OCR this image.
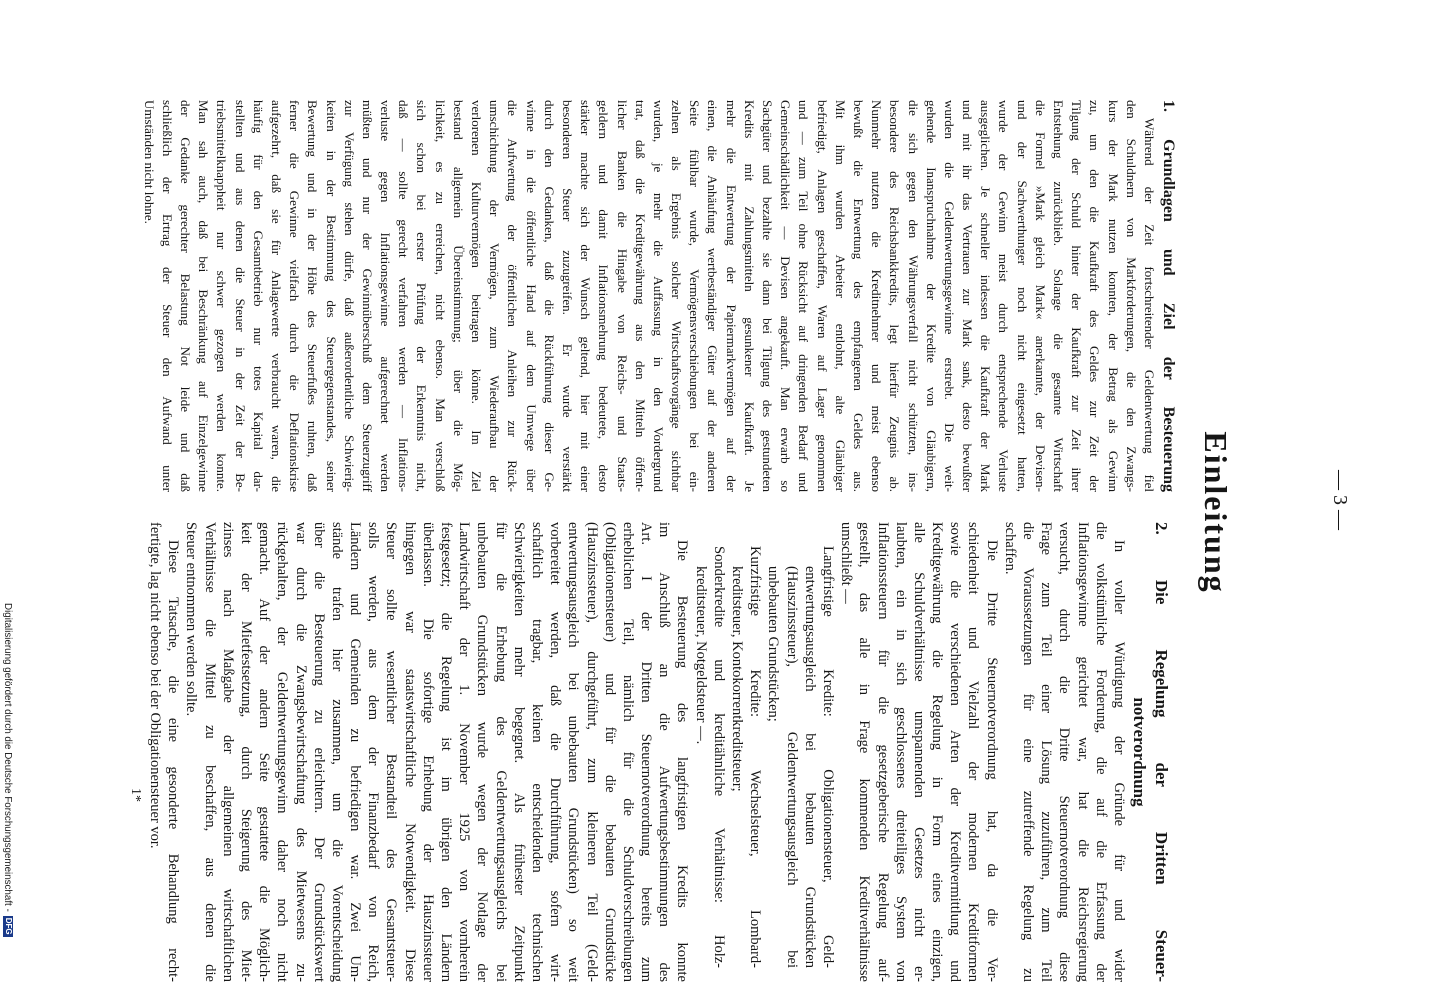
— 3 —
Einleitung
1. Grundlagen und Ziel der Besteuerung
Während der Zeit fortschreitender Geldentwertung fiel
den Schuldnern von Markforderungen, die den Zwangs-
kurs der Mark nutzen konnten, der Betrag als Gewinn
zu, um den die Kaufkraft des Geldes zur Zeit der
Tilgung der Schuld hinter der Kaufkraft zur Zeit ihrer
Entstehung zurückblieb. Solange die gesamte Wirtschaft
die Formel »Mark gleich Mark« anerkannte, der Devisen-
und der Sachwerthunger noch nicht eingesetzt hatten,
wurde der Gewinn meist durch entsprechende Verluste
ausgeglichen. Je schneller indessen die Kaufkraft der Mark
und mit ihr das Vertrauen zur Mark sank, desto bewußter
wurden die Geldentwertungsgewinne erstrebt. Die weit-
gehende Inanspruchnahme der Kredite von Gläubigern,
die sich gegen den Währungsverfall nicht schützten, ins-
besondere des Reichsbankkredits, legt hierfür Zeugnis ab.
Nunmehr nutzten die Kreditnehmer und meist ebenso
bewußt die Entwertung des empfangenen Geldes aus.
Mit ihm wurden Arbeiter entlohnt, alte Gläubiger
befriedigt, Anlagen geschaffen, Waren auf Lager genommen
und — zum Teil ohne Rücksicht auf dringenden Bedarf und
Gemeinschädlichkeit — Devisen angekauft. Man erwarb so
Sachgüter und bezahlte sie dann bei Tilgung des gestundeten
Kredits mit Zahlungsmitteln gesunkener Kaufkraft. Je
mehr die Entwertung der Papiermarkvermögen auf der
einen, die Anhäufung wertbeständiger Güter auf der anderen
Seite fühlbar wurde, Vermögensverschiebungen bei ein-
zelnen als Ergebnis solcher Wirtschaftsvorgänge sichtbar
wurden, je mehr die Auffassung in den Vordergrund
trat, daß die Kreditgewährung aus den Mitteln öffent-
licher Banken die Hingabe von Reichs- und Staats-
geldern und damit Inflationsmehrung bedeutete, desto
stärker machte sich der Wunsch geltend, hier mit einer
besonderen Steuer zuzugreifen. Er wurde verstärkt
durch den Gedanken, daß die Rückführung dieser Ge-
winne in die öffentliche Hand auf dem Umwege über
die Aufwertung der öffentlichen Anleihen zur Rück-
umschichtung der Vermögen, zum Wiederaufbau der
verlorenen Kulturvermögen beitragen könne. Im Ziel
bestand allgemein Übereinstimmung; über die Mög-
lichkeit, es zu erreichen, nicht ebenso. Man verschloß
sich schon bei erster Prüfung der Erkenntnis nicht,
daß — sollte gerecht verfahren werden — Inflations-
verluste gegen Inflationsgewinne aufgerechnet werden
müßten und nur der Gewinnüberschuß dem Steuerzugriff
zur Verfügung stehen dürfe, daß außerordentliche Schwierig-
keiten in der Bestimmung des Steuergegenstandes, seiner
Bewertung und in der Höhe des Steuerfußes ruhten, daß
ferner die Gewinne vielfach durch die Deflationskrise
aufgezehrt, daß sie für Anlagewerte verbraucht waren, die
häufig für den Gesamtbetrieb nur totes Kapital dar-
stellten und aus denen die Steuer in der Zeit der Be-
triebsmittelknappheit nur schwer gezogen werden konnte.
Man sah auch, daß bei Beschränkung auf Einzelgewinne
der Gedanke gerechter Belastung Not leide und daß
schließlich der Ertrag der Steuer den Aufwand unter
Umständen nicht lohne.
2. Die Regelung der Dritten Steuer-
notverordnung
In voller Würdigung der Gründe für und wider
die volkstümliche Forderung, die auf die Erfassung der
Inflationsgewinne gerichtet war, hat die Reichsregierung
versucht, durch die Dritte Steuernotverordnung diese
Frage zum Teil einer Lösung zuzuführen, zum Teil
die Voraussetzungen für eine zutreffende Regelung zu
schaffen.
Die Dritte Steuernotverordnung hat, da die Ver-
schiedenheit und Vielzahl der modernen Kreditformen
sowie die verschiedenen Arten der Kreditvermittlung und
Kreditgewährung die Regelung in Form eines einzigen,
alle Schuldverhältnisse umspannenden Gesetzes nicht er-
laubten, ein in sich geschlossenes dreiteiliges System von
Inflationssteuern für die gesetzgeberische Regelung auf-
gestellt, das alle in Frage kommenden Kreditverhältnisse
umschließt —
Langfristige Kredite: Obligationensteuer, Geld-
entwertungsausgleich bei bebauten Grundstücken
(Hauszinssteuer), Geldentwertungsausgleich bei
unbebauten Grundstücken;
Kurzfristige Kredite: Wechselsteuer, Lombard-
kreditsteuer, Kontokorrentkreditsteuer;
Sonderkredite und kreditähnliche Verhältnisse: Holz-
kreditsteuer, Notgeldsteuer —.
Die Besteuerung des langfristigen Kredits konnte
im Anschluß an die Aufwertungsbestimmungen des
Art. I der Dritten Steuernotverordnung bereits zum
erheblichen Teil, nämlich für die Schuldverschreibungen
(Obligationensteuer) und für die bebauten Grundstücke
(Hauszinssteuer), durchgeführt, zum kleineren Teil (Geld-
entwertungsausgleich bei unbebauten Grundstücken) so weit
vorbereitet werden, daß die Durchführung, sofern wirt-
schaftlich tragbar, keinen entscheidenden technischen
Schwierigkeiten mehr begegnet. Als frühester Zeitpunkt
für die Erhebung des Geldentwertungsausgleichs bei
unbebauten Grundstücken wurde wegen der Notlage der
Landwirtschaft der 1. November 1925 von vornherein
festgesetzt; die Regelung ist im übrigen den Ländern
überlassen. Die sofortige Erhebung der Hauszinssteuer
hingegen war staatswirtschaftliche Notwendigkeit. Diese
Steuer sollte wesentlicher Bestandteil des Gesamtsteuer-
solls werden, aus dem der Finanzbedarf von Reich,
Ländern und Gemeinden zu befriedigen war. Zwei Um-
stände trafen hier zusammen, um die Vorentscheidung
über die Besteuerung zu erleichtern. Der Grundstückswert
war durch die Zwangsbewirtschaftung des Mietwesens zu-
rückgehalten, der Geldentwertungsgewinn daher noch nicht
gemacht. Auf der andern Seite gestattete die Möglich-
keit der Mietfestsetzung, durch Steigerung des Miet-
zinses nach Maßgabe der allgemeinen wirtschaftlichen
Verhältnisse die Mittel zu beschaffen, aus denen die
Steuer entnommen werden sollte.
Diese Tatsache, die eine gesonderte Behandlung recht-
fertigte, lag nicht ebenso bei der Obligationensteuer vor.
1*
Digitalisierung gefördert durch die Deutsche Forschungsgemeinschaft -
DFG
